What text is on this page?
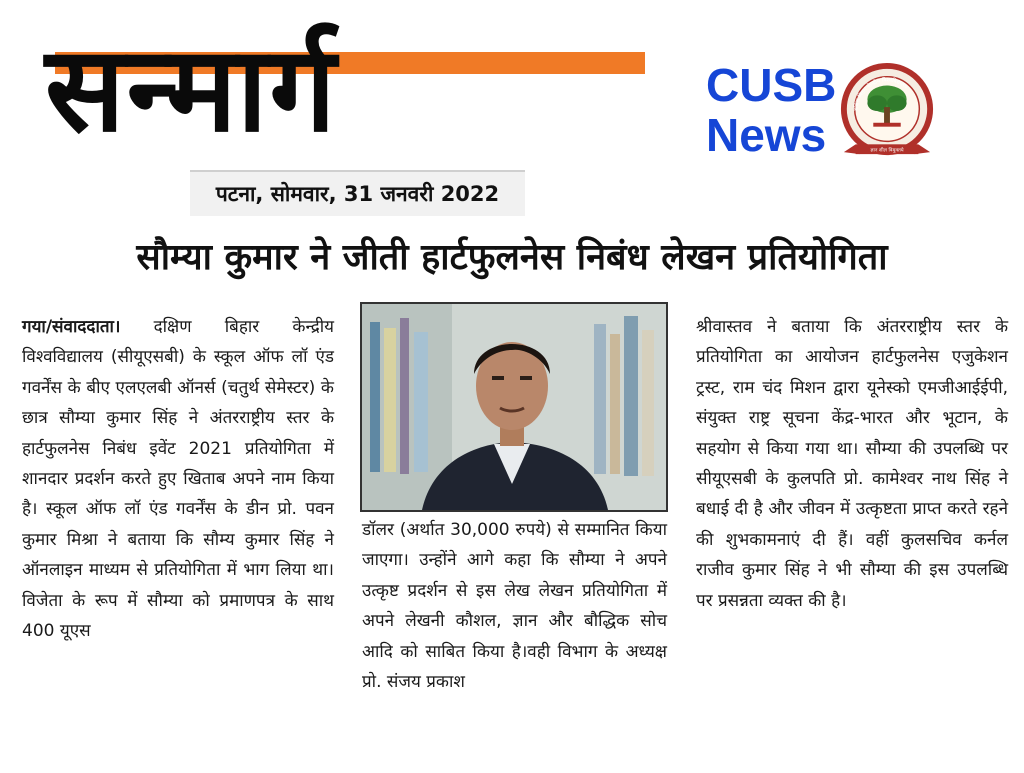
सन्मार्ग
पटना, सोमवार, 31 जनवरी 2022
CUSB
News	दक्षिण बिहार केन्द्रीय विश्वविद्यालय
ज्ञान शील विमुक्तये
सौम्या कुमार ने जीती हार्टफुलनेस निबंध लेखन प्रतियोगिता

गया/संवाददाता। दक्षिण बिहार केन्द्रीय विश्वविद्यालय (सीयूएसबी) के स्कूल ऑफ लॉ एंड गवर्नेंस के बीए एलएलबी ऑनर्स (चतुर्थ सेमेस्टर) के छात्र सौम्या कुमार सिंह ने अंतरराष्ट्रीय स्तर के हार्टफुलनेस निबंध इवेंट 2021 प्रतियोगिता में शानदार प्रदर्शन करते हुए खिताब अपने नाम किया है। स्कूल ऑफ लॉ एंड गवर्नेंस के डीन प्रो. पवन कुमार मिश्रा ने बताया कि सौम्य कुमार सिंह ने ऑनलाइन माध्यम से प्रतियोगिता में भाग लिया था। विजेता के रूप में सौम्या को प्रमाणपत्र के साथ 400 यूएस

डॉलर (अर्थात 30,000 रुपये) से सम्मानित किया जाएगा। उन्होंने आगे कहा कि सौम्या ने अपने उत्कृष्ट प्रदर्शन से इस लेख लेखन प्रतियोगिता में अपने लेखनी कौशल, ज्ञान और बौद्धिक सोच आदि को साबित किया है।वही विभाग के अध्यक्ष प्रो. संजय प्रकाश

श्रीवास्तव ने बताया कि अंतरराष्ट्रीय स्तर के प्रतियोगिता का आयोजन हार्टफुलनेस एजुकेशन ट्रस्ट, राम चंद मिशन द्वारा यूनेस्को एमजीआईईपी, संयुक्त राष्ट्र सूचना केंद्र-भारत और भूटान, के सहयोग से किया गया था। सौम्या की उपलब्धि पर सीयूएसबी के कुलपति प्रो. कामेश्वर नाथ सिंह ने बधाई दी है और जीवन में उत्कृष्टता प्राप्त करते रहने की शुभकामनाएं दी हैं। वहीं कुलसचिव कर्नल राजीव कुमार सिंह ने भी सौम्या की इस उपलब्धि पर प्रसन्नता व्यक्त की है।
